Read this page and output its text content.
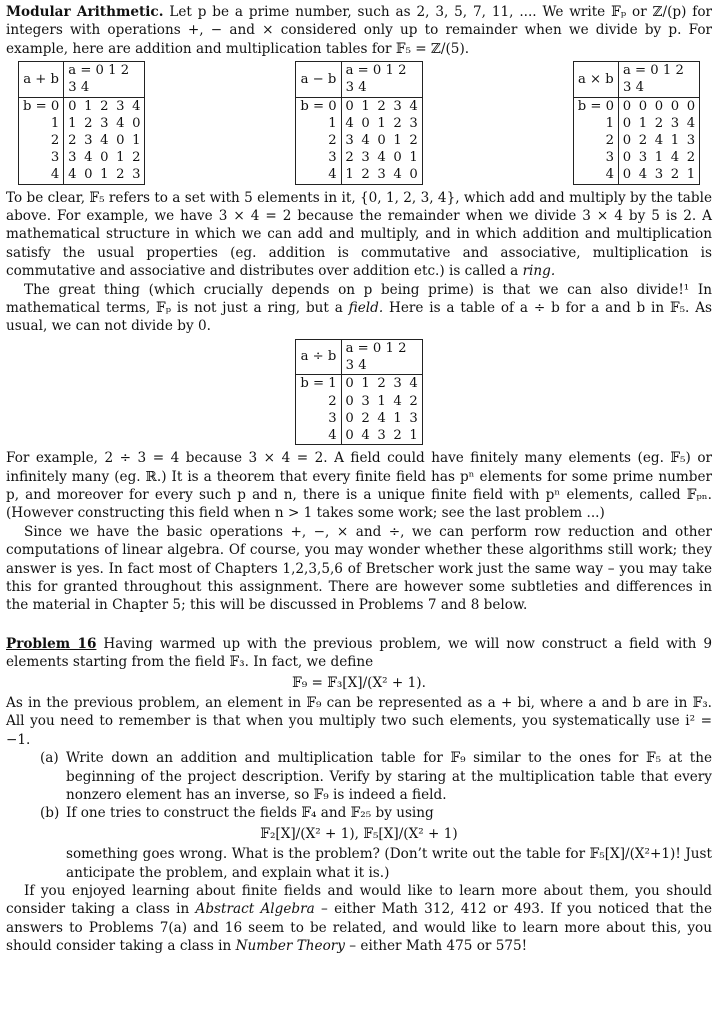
Modular Arithmetic. Let p be a prime number, such as 2, 3, 5, 7, 11, .... We write 𝔽ₚ or ℤ/(p) for integers with operations +, − and × considered only up to remainder when we divide by p. For example, here are addition and multiplication tables for 𝔽₅ = ℤ/(5).

a + b	a = 0 1 2 3 4				
b = 0	0	1	2	3	4
1	1	2	3	4	0
2	2	3	4	0	1
3	3	4	0	1	2
4	4	0	1	2	3
a − b	a = 0 1 2 3 4				
b = 0	0	1	2	3	4
1	4	0	1	2	3
2	3	4	0	1	2
3	2	3	4	0	1
4	1	2	3	4	0
a × b	a = 0 1 2 3 4				
b = 0	0	0	0	0	0
1	0	1	2	3	4
2	0	2	4	1	3
3	0	3	1	4	2
4	0	4	3	2	1

To be clear, 𝔽₅ refers to a set with 5 elements in it, {0, 1, 2, 3, 4}, which add and multiply by the table above. For example, we have 3 × 4 = 2 because the remainder when we divide 3 × 4 by 5 is 2. A mathematical structure in which we can add and multiply, and in which addition and multiplication satisfy the usual properties (eg. addition is commutative and associative, multiplication is commutative and associative and distributes over addition etc.) is called a ring.

The great thing (which crucially depends on p being prime) is that we can also divide!¹ In mathematical terms, 𝔽ₚ is not just a ring, but a field. Here is a table of a ÷ b for a and b in 𝔽₅. As usual, we can not divide by 0.

a ÷ b	a = 0 1 2 3 4				
b = 1	0	1	2	3	4
2	0	3	1	4	2
3	0	2	4	1	3
4	0	4	3	2	1

For example, 2 ÷ 3 = 4 because 3 × 4 = 2. A field could have finitely many elements (eg. 𝔽₅) or infinitely many (eg. ℝ.) It is a theorem that every finite field has pⁿ elements for some prime number p, and moreover for every such p and n, there is a unique finite field with pⁿ elements, called 𝔽ₚₙ. (However constructing this field when n > 1 takes some work; see the last problem ...)

Since we have the basic operations +, −, × and ÷, we can perform row reduction and other computations of linear algebra. Of course, you may wonder whether these algorithms still work; they answer is yes. In fact most of Chapters 1,2,3,5,6 of Bretscher work just the same way – you may take this for granted throughout this assignment. There are however some subtleties and differences in the material in Chapter 5; this will be discussed in Problems 7 and 8 below.

Problem 16 Having warmed up with the previous problem, we will now construct a field with 9 elements starting from the field 𝔽₃. In fact, we define

𝔽₉ = 𝔽₃[X]/(X² + 1).

As in the previous problem, an element in 𝔽₉ can be represented as a + bi, where a and b are in 𝔽₃. All you need to remember is that when you multiply two such elements, you systematically use i² = −1.

(a) Write down an addition and multiplication table for 𝔽₉ similar to the ones for 𝔽₅ at the beginning of the project description. Verify by staring at the multiplication table that every nonzero element has an inverse, so 𝔽₉ is indeed a field.
(b) If one tries to construct the fields 𝔽₄ and 𝔽₂₅ by using

𝔽₂[X]/(X² + 1), 𝔽₅[X]/(X² + 1)

something goes wrong. What is the problem? (Don’t write out the table for 𝔽₅[X]/(X²+1)! Just anticipate the problem, and explain what it is.)

If you enjoyed learning about finite fields and would like to learn more about them, you should consider taking a class in Abstract Algebra – either Math 312, 412 or 493. If you noticed that the answers to Problems 7(a) and 16 seem to be related, and would like to learn more about this, you should consider taking a class in Number Theory – either Math 475 or 575!
